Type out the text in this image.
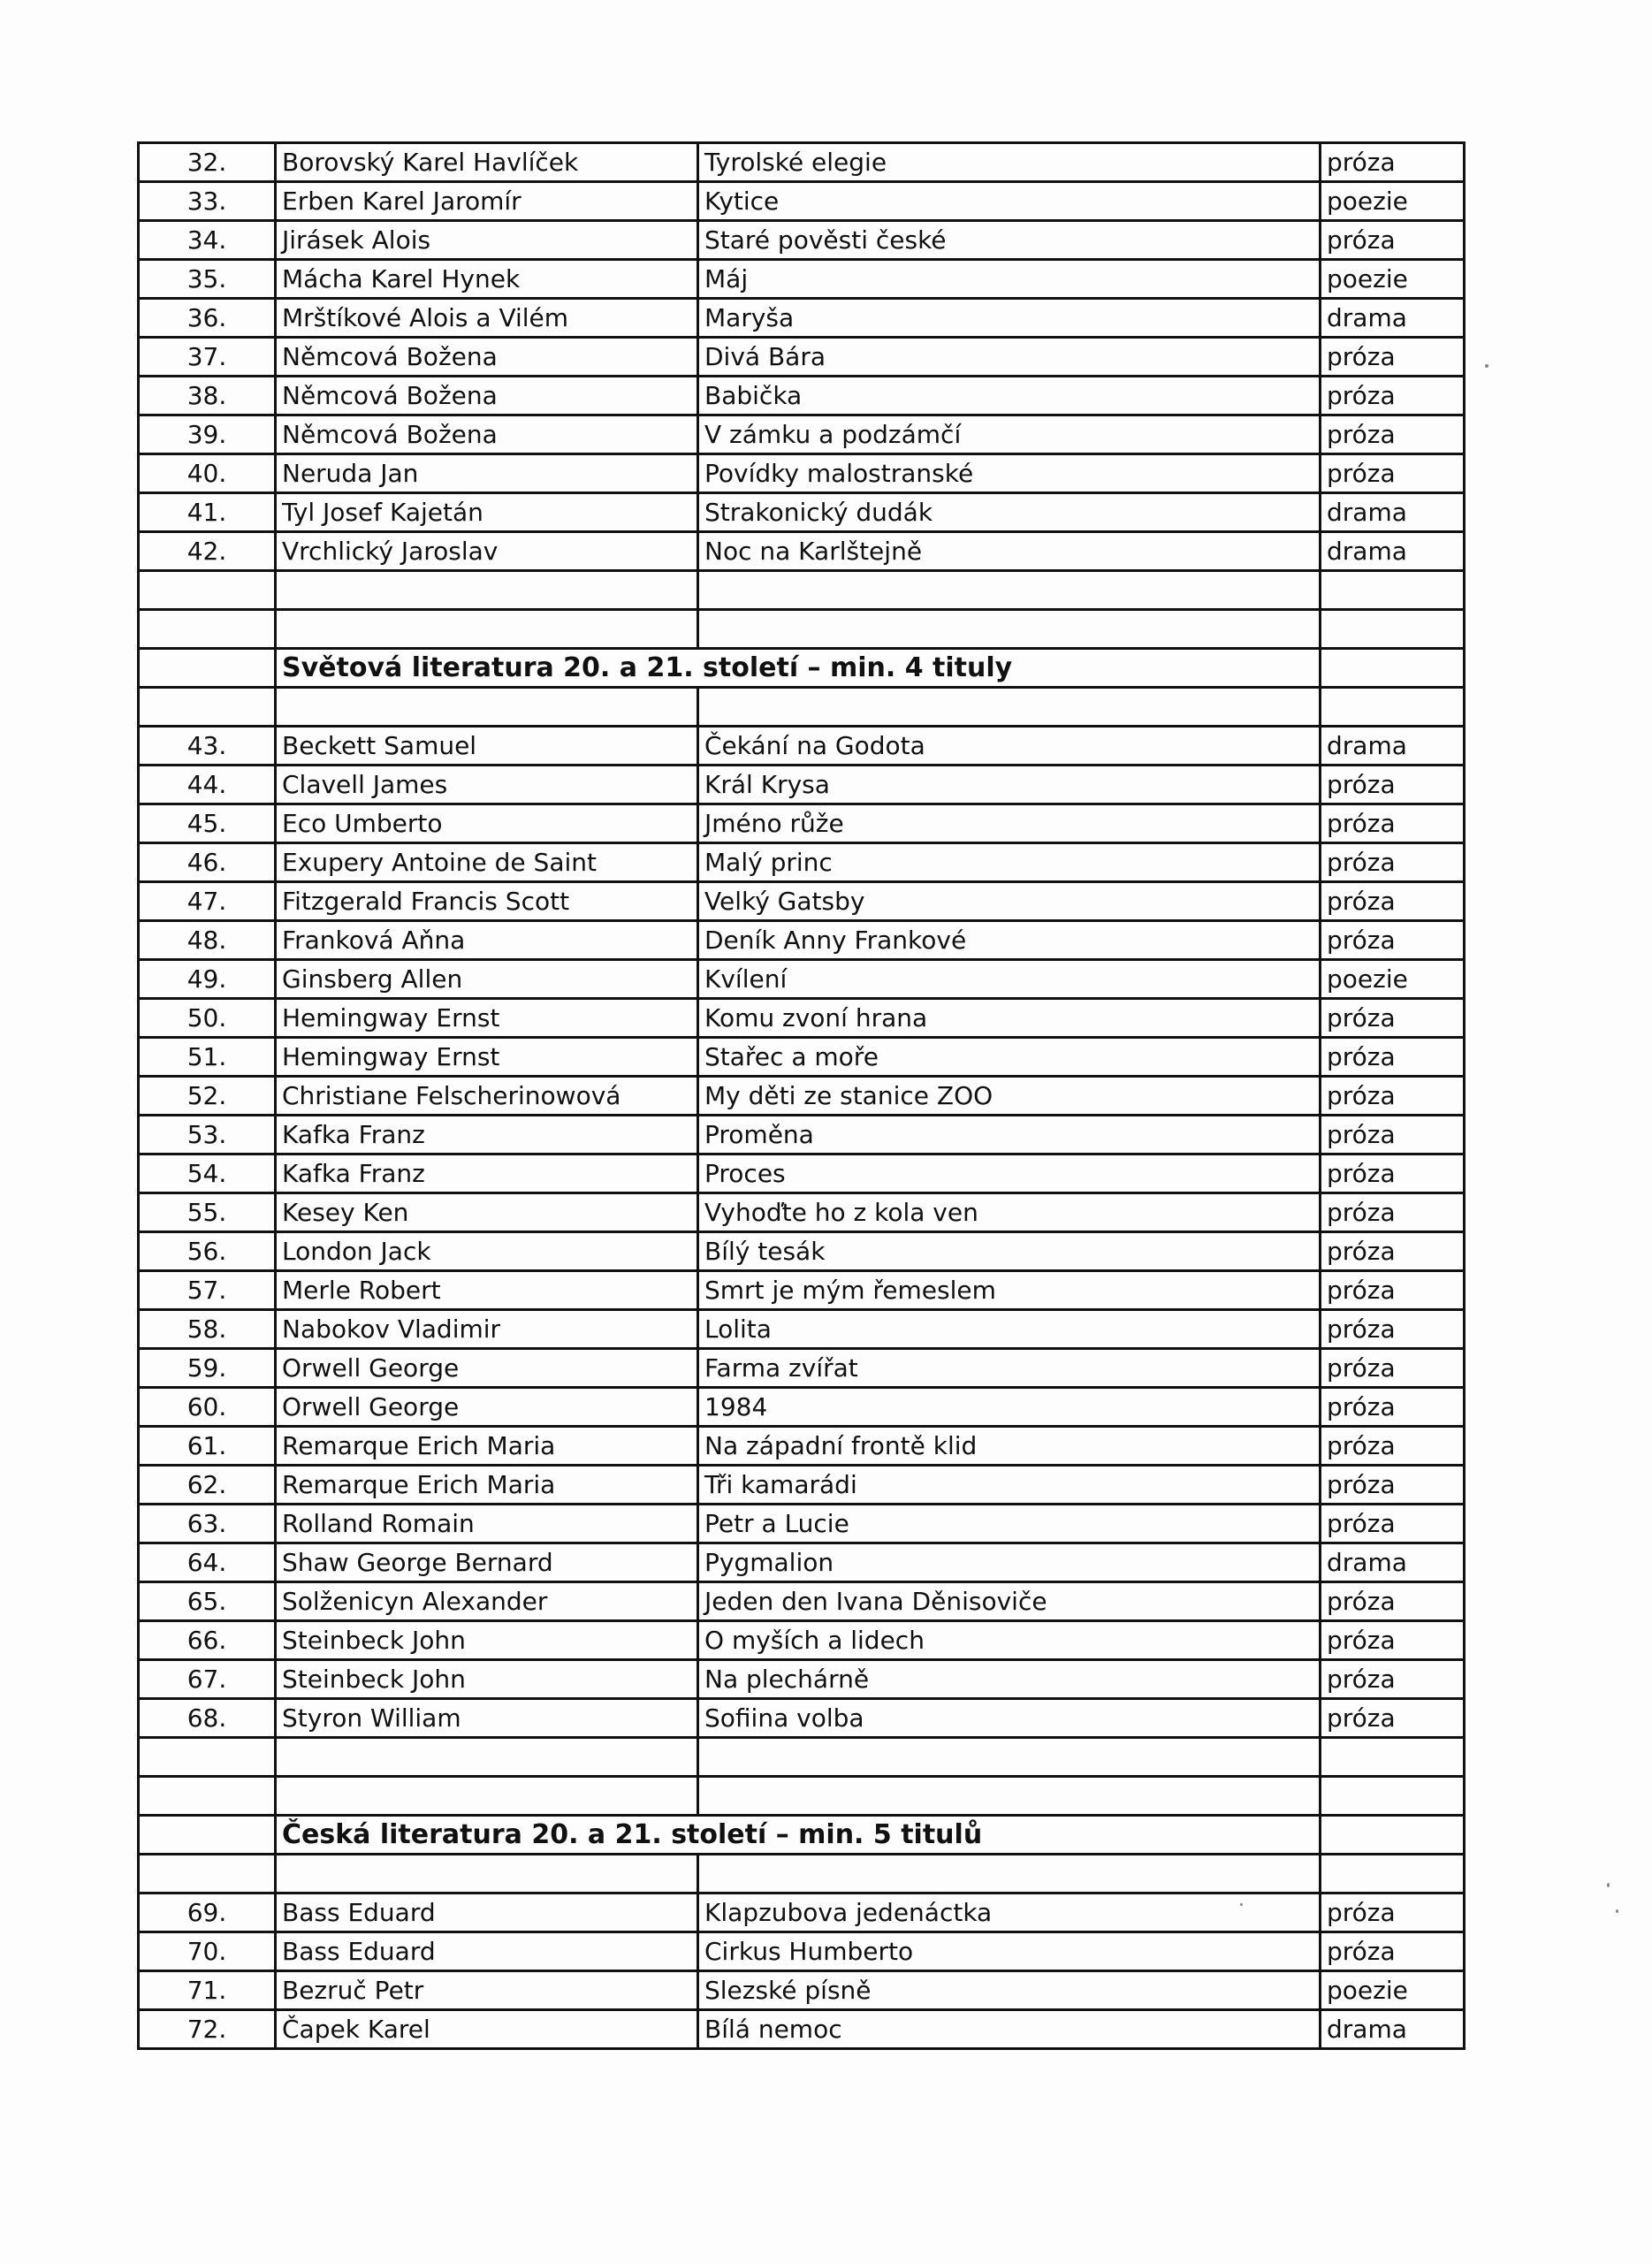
32.	Borovský Karel Havlíček	Tyrolské elegie	próza
33.	Erben Karel Jaromír	Kytice	poezie
34.	Jirásek Alois	Staré pověsti české	próza
35.	Mácha Karel Hynek	Máj	poezie
36.	Mrštíkové Alois a Vilém	Maryša	drama
37.	Němcová Božena	Divá Bára	próza
38.	Němcová Božena	Babička	próza
39.	Němcová Božena	V zámku a podzámčí	próza
40.	Neruda Jan	Povídky malostranské	próza
41.	Tyl Josef Kajetán	Strakonický dudák	drama
42.	Vrchlický Jaroslav	Noc na Karlštejně	drama

	Světová literatura 20. a 21. století – min. 4 tituly		

43.	Beckett Samuel	Čekání na Godota	drama
44.	Clavell James	Král Krysa	próza
45.	Eco Umberto	Jméno růže	próza
46.	Exupery Antoine de Saint	Malý princ	próza
47.	Fitzgerald Francis Scott	Velký Gatsby	próza
48.	Franková Aňna	Deník Anny Frankové	próza
49.	Ginsberg Allen	Kvílení	poezie
50.	Hemingway Ernst	Komu zvoní hrana	próza
51.	Hemingway Ernst	Stařec a moře	próza
52.	Christiane Felscherinowová	My děti ze stanice ZOO	próza
53.	Kafka Franz	Proměna	próza
54.	Kafka Franz	Proces	próza
55.	Kesey Ken	Vyhoďte ho z kola ven	próza
56.	London Jack	Bílý tesák	próza
57.	Merle Robert	Smrt je mým řemeslem	próza
58.	Nabokov Vladimir	Lolita	próza
59.	Orwell George	Farma zvířat	próza
60.	Orwell George	1984	próza
61.	Remarque Erich Maria	Na západní frontě klid	próza
62.	Remarque Erich Maria	Tři kamarádi	próza
63.	Rolland Romain	Petr a Lucie	próza
64.	Shaw George Bernard	Pygmalion	drama
65.	Solženicyn Alexander	Jeden den Ivana Děnisoviče	próza
66.	Steinbeck John	O myších a lidech	próza
67.	Steinbeck John	Na plechárně	próza
68.	Styron William	Sofiina volba	próza

	Česká literatura 20. a 21. století – min. 5 titulů		

69.	Bass Eduard	Klapzubova jedenáctka	próza
70.	Bass Eduard	Cirkus Humberto	próza
71.	Bezruč Petr	Slezské písně	poezie
72.	Čapek Karel	Bílá nemoc	drama
